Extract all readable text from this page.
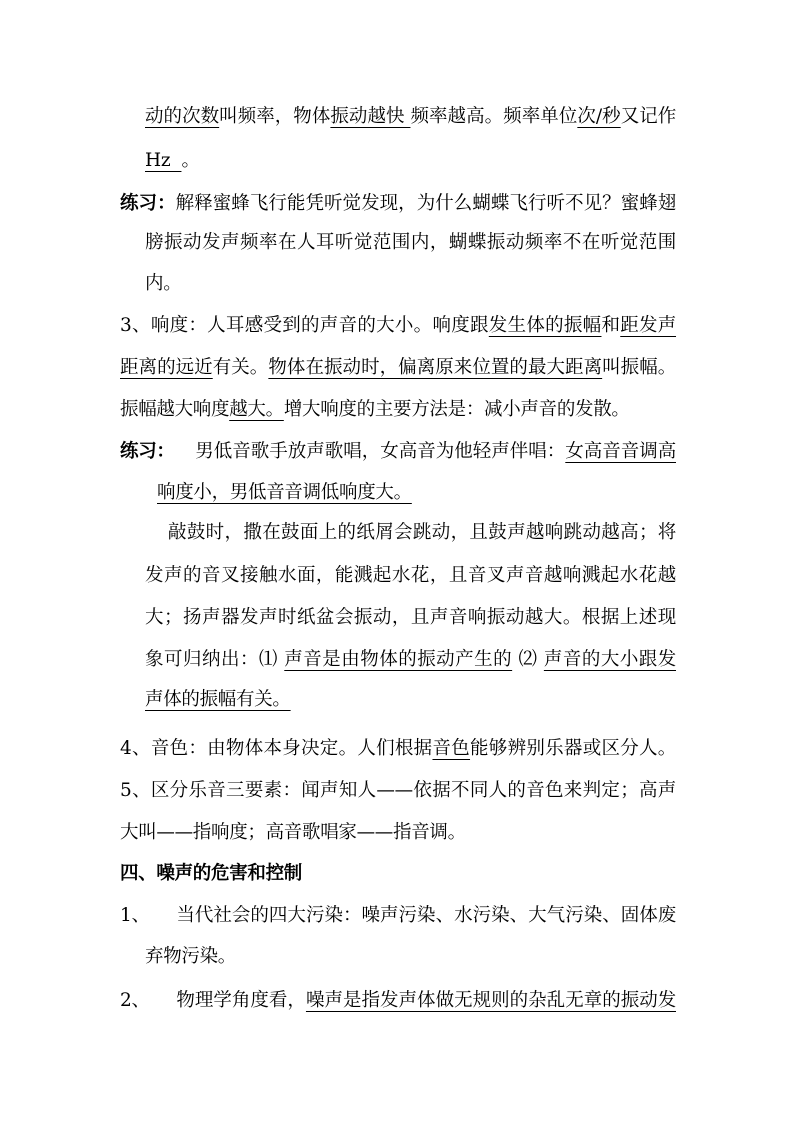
动的次数叫频率，物体振动越快 频率越高。频率单位次/秒又记作
Hz  。
练习：解释蜜蜂飞行能凭听觉发现，为什么蝴蝶飞行听不见？蜜蜂翅
膀振动发声频率在人耳听觉范围内，蝴蝶振动频率不在听觉范围
内。
3、响度：人耳感受到的声音的大小。响度跟发生体的振幅和距发声
距离的远近有关。物体在振动时，偏离原来位置的最大距离叫振幅。
振幅越大响度越大。增大响度的主要方法是：减小声音的发散。
练习： 男低音歌手放声歌唱，女高音为他轻声伴唱：女高音音调高
响度小，男低音音调低响度大。
敲鼓时，撒在鼓面上的纸屑会跳动，且鼓声越响跳动越高；将
发声的音叉接触水面，能溅起水花，且音叉声音越响溅起水花越
大；扬声器发声时纸盆会振动，且声音响振动越大。根据上述现
象可归纳出：⑴ 声音是由物体的振动产生的 ⑵ 声音的大小跟发
声体的振幅有关。
4、音色：由物体本身决定。人们根据音色能够辨别乐器或区分人。
5、区分乐音三要素：闻声知人——依据不同人的音色来判定；高声
大叫——指响度；高音歌唱家——指音调。
四、噪声的危害和控制
1、 当代社会的四大污染：噪声污染、水污染、大气污染、固体废
弃物污染。
2、 物理学角度看，噪声是指发声体做无规则的杂乱无章的振动发
